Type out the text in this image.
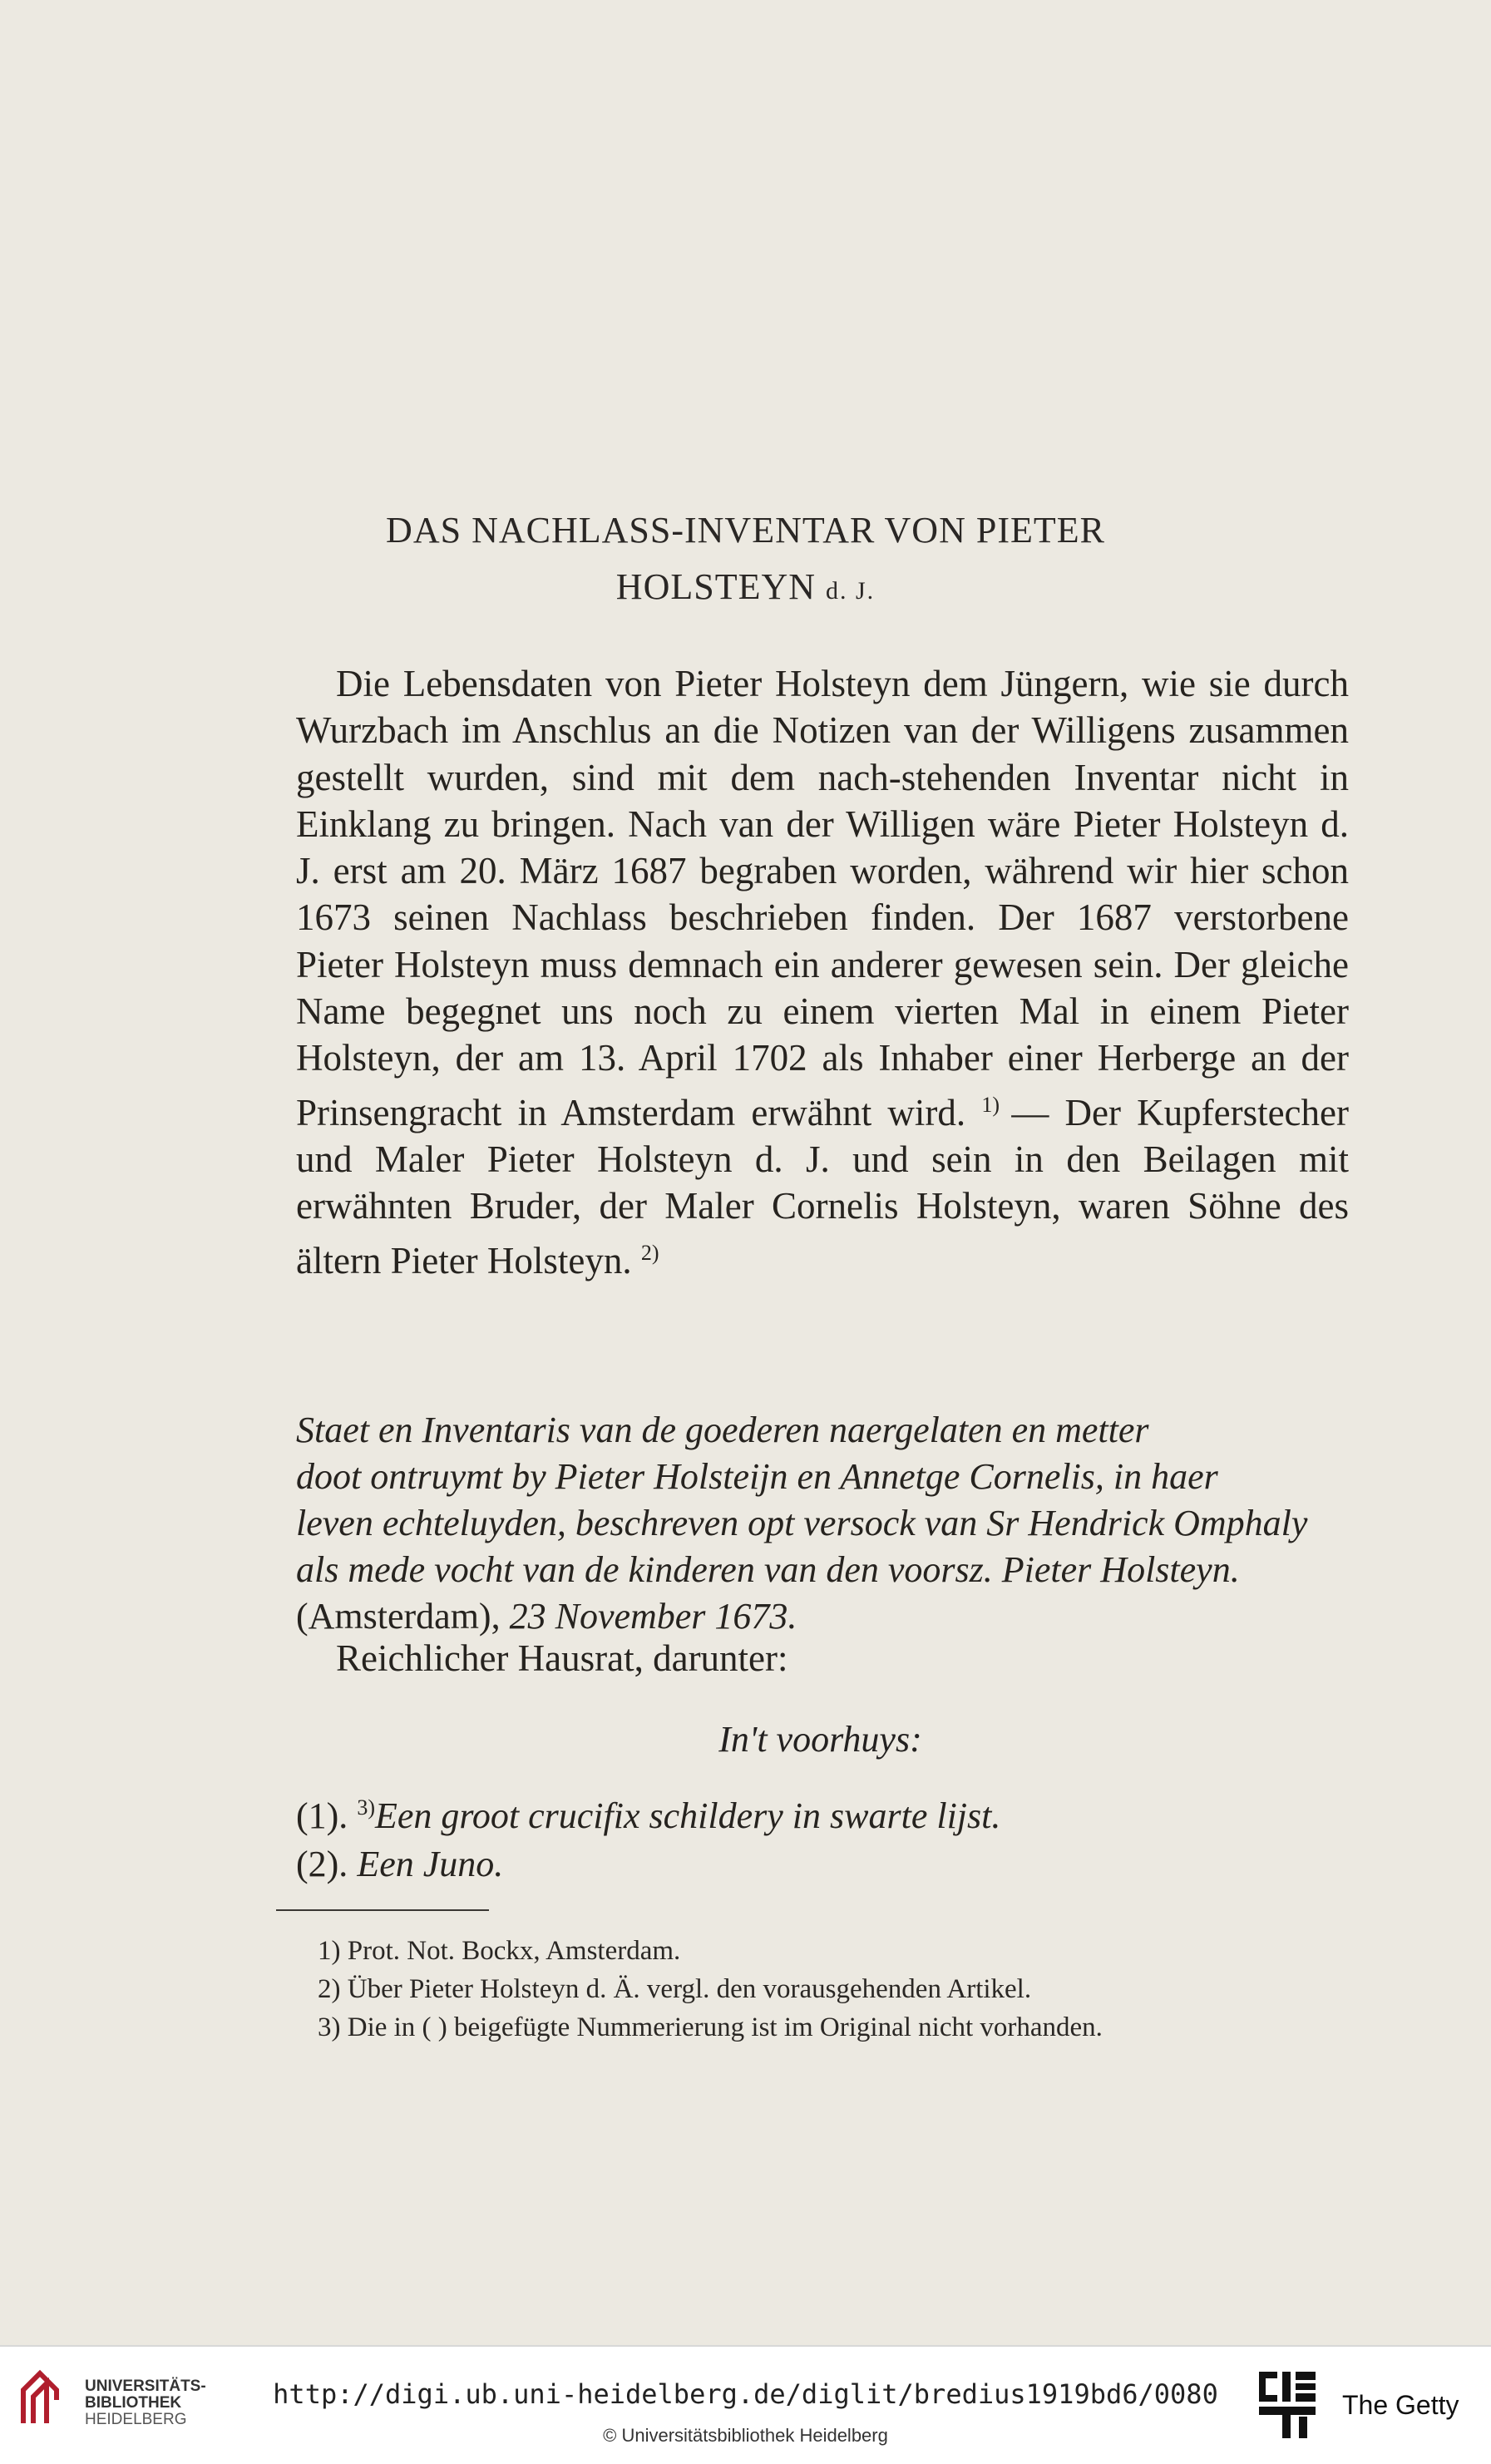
DAS NACHLASS-INVENTAR VON PIETER
HOLSTEYN d. J.
Die Lebensdaten von Pieter Holsteyn dem Jüngern, wie sie durch Wurzbach im Anschlus an die Notizen van der Willigens zusammen gestellt wurden, sind mit dem nach-stehenden Inventar nicht in Einklang zu bringen. Nach van der Willigen wäre Pieter Holsteyn d. J. erst am 20. März 1687 begraben worden, während wir hier schon 1673 seinen Nachlass beschrieben finden. Der 1687 verstorbene Pieter Holsteyn muss demnach ein anderer gewesen sein. Der gleiche Name begegnet uns noch zu einem vierten Mal in einem Pieter Holsteyn, der am 13. April 1702 als Inhaber einer Herberge an der Prinsengracht in Amsterdam erwähnt wird. $^{1)}$ — Der Kupferstecher und Maler Pieter Holsteyn d. J. und sein in den Beilagen mit erwähnten Bruder, der Maler Cornelis Holsteyn, waren Söhne des ältern Pieter Holsteyn. $^{2)}$
Staet en Inventaris van de goederen naergelaten en metter
doot ontruymt by Pieter Holsteijn en Annetge Cornelis, in haer
leven echteluyden, beschreven opt versock van Sr Hendrick Omphaly
als mede vocht van de kinderen van den voorsz. Pieter Holsteyn.
(Amsterdam), 23 November 1673.
Reichlicher Hausrat, darunter:
In't voorhuys:
(1). $^{3)}$Een groot crucifix schildery in swarte lijst.
(2). Een Juno.
1) Prot. Not. Bockx, Amsterdam.
2) Über Pieter Holsteyn d. Ä. vergl. den vorausgehenden Artikel.
3) Die in ( ) beigefügte Nummerierung ist im Original nicht vorhanden.
UNIVERSITÄTS-
BIBLIOTHEK
HEIDELBERG
http://digi.ub.uni-heidelberg.de/diglit/bredius1919bd6/0080
© Universitätsbibliothek Heidelberg
The Getty
